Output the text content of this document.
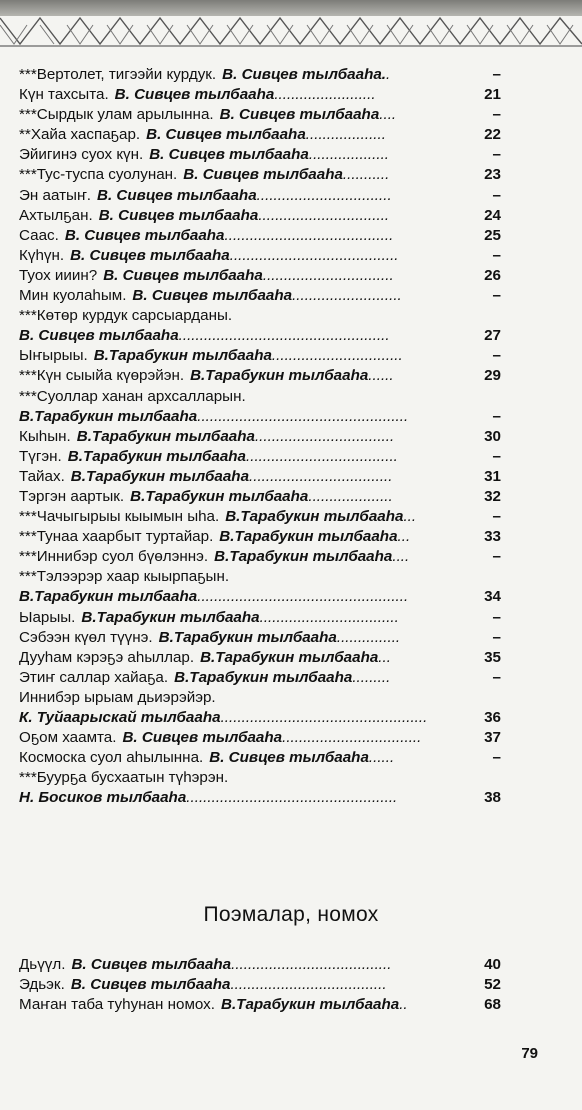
***Вертолет, тигээйи курдук. В. Сивцев тылбааһа. .	–
Күн тахсыта. В. Сивцев тылбааһа ........................	21
***Сырдык улам арылынна. В. Сивцев тылбааһа ....	–
**Хайа хаспаҕар. В. Сивцев тылбааһа ...................	22
Эйигинэ суох күн. В. Сивцев тылбааһа ...................	–
***Тус-туспа суолунан. В. Сивцев тылбааһа ...........	23
Эн аатыҥ. В. Сивцев тылбааһа ................................	–
Ахтылҕан. В. Сивцев тылбааһа ...............................	24
Саас. В. Сивцев тылбааһа ........................................	25
Күһүн. В. Сивцев тылбааһа ........................................	–
Туох ииин? В. Сивцев тылбааһа ...............................	26
Мин куолаһым. В. Сивцев тылбааһа ..........................	–
***Көтөр курдук сарсыарданы.
В. Сивцев тылбааһа ..................................................	27
Ыҥырыы. В.Тарабукин тылбааһа ...............................	–
***Күн сыыйа күөрэйэн. В.Тарабукин тылбааһа ......	29
***Суоллар ханан архсалларын.
В.Тарабукин тылбааһа ..................................................	–
Кыһын. В.Тарабукин тылбааһа .................................	30
Түгэн. В.Тарабукин тылбааһа ....................................	–
Тайах. В.Тарабукин тылбааһа ..................................	31
Тэргэн аартык. В.Тарабукин тылбааһа ....................	32
***Чачыгырыы кыымын ыһа. В.Тарабукин тылбааһа ...	–
***Тунаа хаарбыт туртайар. В.Тарабукин тылбааһа ...	33
***Иннибэр суол бүөлэннэ. В.Тарабукин тылбааһа ....	–
***Тэлээрэр хаар кыырпаҕын.
В.Тарабукин тылбааһа ..................................................	34
Ыарыы. В.Тарабукин тылбааһа .................................	–
Сэбээн күөл түүнэ. В.Тарабукин тылбааһа ...............	–
Дууһам кэрэҕэ аһыллар. В.Тарабукин тылбааһа ...	35
Этиҥ саллар хайаҕа. В.Тарабукин тылбааһа .........	–
Иннибэр ырыам дьиэрэйэр.
К. Туйаарыскай тылбааһа .................................................	36
Оҕом хаамта. В. Сивцев тылбааһа .................................	37
Космоска суол аһылынна. В. Сивцев тылбааһа ......	–
***Буурҕа бусхаатын түһэрэн.
Н. Босиков тылбааһа ..................................................	38
Поэмалар, номох
Дьүүл. В. Сивцев тылбааһа ......................................	40
Эдьэк. В. Сивцев тылбааһа .....................................	52
Маҥан таба туһунан номох. В.Тарабукин тылбааһа ..	68
79
